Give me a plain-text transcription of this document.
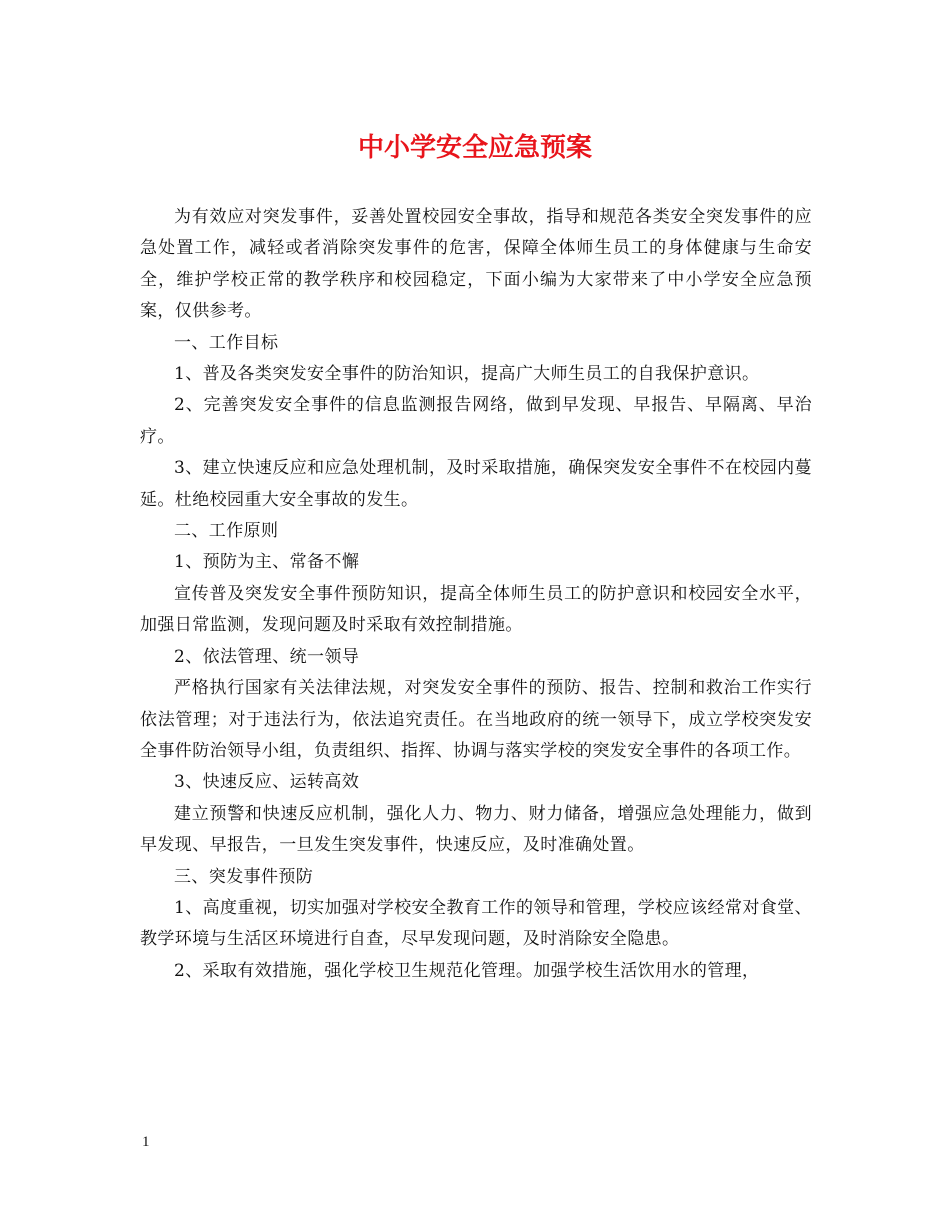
中小学安全应急预案

为有效应对突发事件，妥善处置校园安全事故，指导和规范各类安全突发事件的应急处置工作，减轻或者消除突发事件的危害，保障全体师生员工的身体健康与生命安全，维护学校正常的教学秩序和校园稳定，下面小编为大家带来了中小学安全应急预案，仅供参考。

一、工作目标

1、普及各类突发安全事件的防治知识，提高广大师生员工的自我保护意识。

2、完善突发安全事件的信息监测报告网络，做到早发现、早报告、早隔离、早治疗。

3、建立快速反应和应急处理机制，及时采取措施，确保突发安全事件不在校园内蔓延。杜绝校园重大安全事故的发生。

二、工作原则

1、预防为主、常备不懈

宣传普及突发安全事件预防知识，提高全体师生员工的防护意识和校园安全水平，加强日常监测，发现问题及时采取有效控制措施。

2、依法管理、统一领导

严格执行国家有关法律法规，对突发安全事件的预防、报告、控制和救治工作实行依法管理；对于违法行为，依法追究责任。在当地政府的统一领导下，成立学校突发安全事件防治领导小组，负责组织、指挥、协调与落实学校的突发安全事件的各项工作。

3、快速反应、运转高效

建立预警和快速反应机制，强化人力、物力、财力储备，增强应急处理能力，做到早发现、早报告，一旦发生突发事件，快速反应，及时准确处置。

三、突发事件预防

1、高度重视，切实加强对学校安全教育工作的领导和管理，学校应该经常对食堂、教学环境与生活区环境进行自查，尽早发现问题，及时消除安全隐患。

2、采取有效措施，强化学校卫生规范化管理。加强学校生活饮用水的管理，

1
